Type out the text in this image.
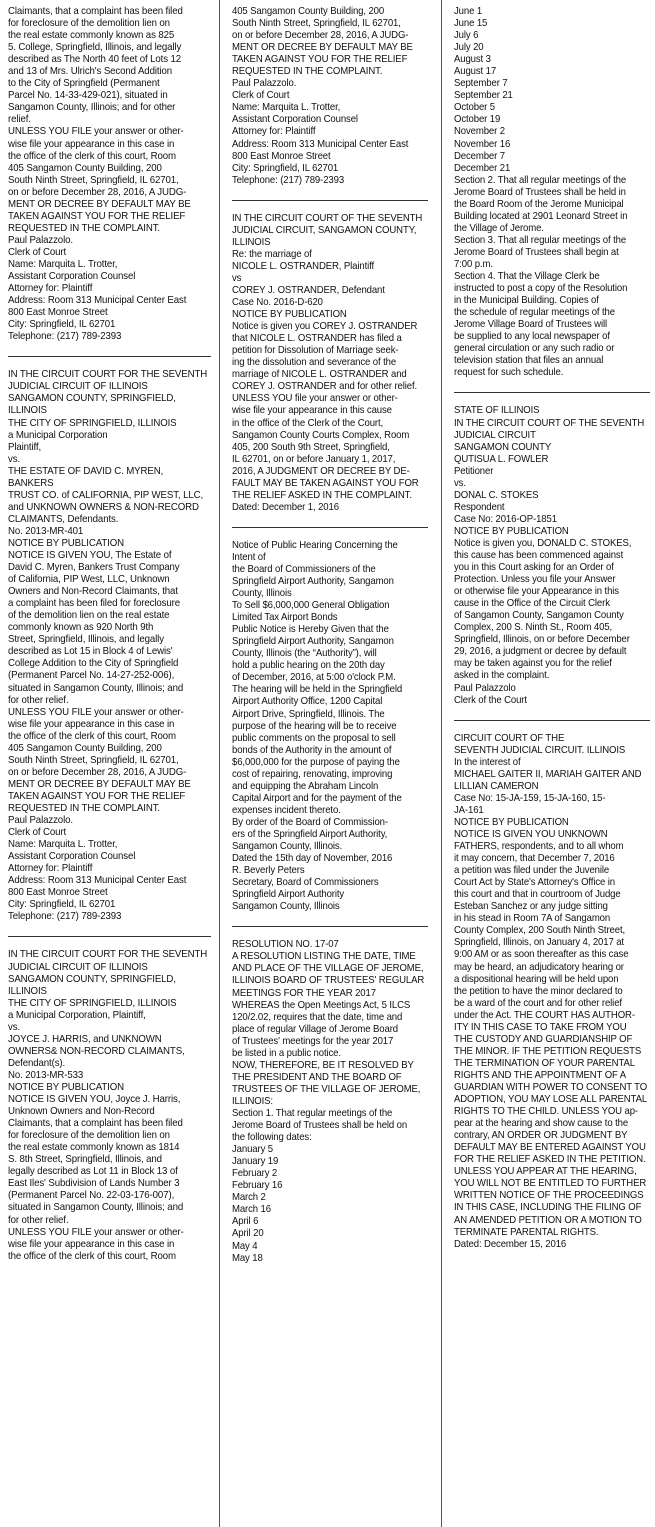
Claimants, that a complaint has been filed
for foreclosure of the demolition lien on
the real estate commonly known as 825
5. College, Springfield, Illinois, and legally
described as The North 40 feet of Lots 12
and 13 of Mrs. Ulrich's Second Addition
to the City of Springfield (Permanent
Parcel No. 14-33-429-021), situated in
Sangamon County, Illinois; and for other
relief.
UNLESS YOU FILE your answer or other-
wise file your appearance in this case in
the office of the clerk of this court, Room
405 Sangamon County Building, 200
South Ninth Street, Springfield, IL 62701,
on or before December 28, 2016, A JUDG-
MENT OR DECREE BY DEFAULT MAY BE
TAKEN AGAINST YOU FOR THE RELIEF
REQUESTED IN THE COMPLAINT.
Paul Palazzolo.
Clerk of Court
Name: Marquita L. Trotter,
Assistant Corporation Counsel
Attorney for: Plaintiff
Address: Room 313 Municipal Center East
800 East Monroe Street
City: Springfield, IL 62701
Telephone: (217) 789-2393
IN THE CIRCUIT COURT FOR THE SEVENTH
JUDICIAL CIRCUIT OF ILLINOIS
SANGAMON COUNTY, SPRINGFIELD,
ILLINOIS
THE CITY OF SPRINGFIELD, ILLINOIS
a Municipal Corporation
Plaintiff,
vs.
THE ESTATE OF DAVID C. MYREN,
BANKERS
TRUST CO. of CALIFORNIA, PIP WEST, LLC,
and UNKNOWN OWNERS & NON-RECORD
CLAIMANTS, Defendants.
No. 2013-MR-401
NOTICE BY PUBLICATION
NOTICE IS GIVEN YOU, The Estate of
David C. Myren, Bankers Trust Company
of California, PIP West, LLC, Unknown
Owners and Non-Record Claimants, that
a complaint has been filed for foreclosure
of the demolition lien on the real estate
commonly known as 920 North 9th
Street, Springfield, Illinois, and legally
described as Lot 15 in Block 4 of Lewis'
College Addition to the City of Springfield
(Permanent Parcel No. 14-27-252-006),
situated in Sangamon County, Illinois; and
for other relief.
UNLESS YOU FILE your answer or other-
wise file your appearance in this case in
the office of the clerk of this court, Room
405 Sangamon County Building, 200
South Ninth Street, Springfield, IL 62701,
on or before December 28, 2016, A JUDG-
MENT OR DECREE BY DEFAULT MAY BE
TAKEN AGAINST YOU FOR THE RELIEF
REQUESTED IN THE COMPLAINT.
Paul Palazzolo.
Clerk of Court
Name: Marquita L. Trotter,
Assistant Corporation Counsel
Attorney for: Plaintiff
Address: Room 313 Municipal Center East
800 East Monroe Street
City: Springfield, IL 62701
Telephone: (217) 789-2393
IN THE CIRCUIT COURT FOR THE SEVENTH
JUDICIAL CIRCUIT OF ILLINOIS
SANGAMON COUNTY, SPRINGFIELD,
ILLINOIS
THE CITY OF SPRINGFIELD, ILLINOIS
a Municipal Corporation, Plaintiff,
vs.
JOYCE J. HARRIS, and UNKNOWN
OWNERS& NON-RECORD CLAIMANTS,
Defendant(s).
No. 2013-MR-533
NOTICE BY PUBLICATION
NOTICE IS GIVEN YOU, Joyce J. Harris,
Unknown Owners and Non-Record
Claimants, that a complaint has been filed
for foreclosure of the demolition lien on
the real estate commonly known as 1814
S. 8th Street, Springfield, Illinois, and
legally described as Lot 11 in Block 13 of
East Iles' Subdivision of Lands Number 3
(Permanent Parcel No. 22-03-176-007),
situated in Sangamon County, Illinois; and
for other relief.
UNLESS YOU FILE your answer or other-
wise file your appearance in this case in
the office of the clerk of this court, Room
405 Sangamon County Building, 200
South Ninth Street, Springfield, IL 62701,
on or before December 28, 2016, A JUDG-
MENT OR DECREE BY DEFAULT MAY BE
TAKEN AGAINST YOU FOR THE RELIEF
REQUESTED IN THE COMPLAINT.
Paul Palazzolo.
Clerk of Court
Name: Marquita L. Trotter,
Assistant Corporation Counsel
Attorney for: Plaintiff
Address: Room 313 Municipal Center East
800 East Monroe Street
City: Springfield, IL 62701
Telephone: (217) 789-2393
IN THE CIRCUIT COURT OF THE SEVENTH
JUDICIAL CIRCUIT, SANGAMON COUNTY,
ILLINOIS
Re: the marriage of
NICOLE L. OSTRANDER, Plaintiff
vs
COREY J. OSTRANDER, Defendant
Case No. 2016-D-620
NOTICE BY PUBLICATION
Notice is given you COREY J. OSTRANDER
that NICOLE L. OSTRANDER has filed a
petition for Dissolution of Marriage seek-
ing the dissolution and severance of the
marriage of NICOLE L. OSTRANDER and
COREY J. OSTRANDER and for other relief.
UNLESS YOU file your answer or other-
wise file your appearance in this cause
in the office of the Clerk of the Court,
Sangamon County Courts Complex, Room
405, 200 South 9th Street, Springfield,
IL 62701, on or before January 1, 2017,
2016, A JUDGMENT OR DECREE BY DE-
FAULT MAY BE TAKEN AGAINST YOU FOR
THE RELIEF ASKED IN THE COMPLAINT.
Dated: December 1, 2016
Notice of Public Hearing Concerning the
Intent of
the Board of Commissioners of the
Springfield Airport Authority, Sangamon
County, Illinois
To Sell $6,000,000 General Obligation
Limited Tax Airport Bonds
Public Notice is Hereby Given that the
Springfield Airport Authority, Sangamon
County, Illinois (the “Authority”), will
hold a public hearing on the 20th day
of December, 2016, at 5:00 o'clock P.M.
The hearing will be held in the Springfield
Airport Authority Office, 1200 Capital
Airport Drive, Springfield, Illinois. The
purpose of the hearing will be to receive
public comments on the proposal to sell
bonds of the Authority in the amount of
$6,000,000 for the purpose of paying the
cost of repairing, renovating, improving
and equipping the Abraham Lincoln
Capital Airport and for the payment of the
expenses incident thereto.
By order of the Board of Commission-
ers of the Springfield Airport Authority,
Sangamon County, Illinois.
Dated the 15th day of November, 2016
R. Beverly Peters
Secretary, Board of Commissioners
Springfield Airport Authority
Sangamon County, Illinois
RESOLUTION NO. 17-07
A RESOLUTION LISTING THE DATE, TIME
AND PLACE OF THE VILLAGE OF JEROME,
ILLINOIS BOARD OF TRUSTEES' REGULAR
MEETINGS FOR THE YEAR 2017
WHEREAS the Open Meetings Act, 5 ILCS
120/2.02, requires that the date, time and
place of regular Village of Jerome Board
of Trustees' meetings for the year 2017
be listed in a public notice.
NOW, THEREFORE, BE IT RESOLVED BY
THE PRESIDENT AND THE BOARD OF
TRUSTEES OF THE VILLAGE OF JEROME,
ILLINOIS:
Section 1. That regular meetings of the
Jerome Board of Trustees shall be held on
the following dates:
January 5
January 19
February 2
February 16
March 2
March 16
April 6
April 20
May 4
May 18
June 1
June 15
July 6
July 20
August 3
August 17
September 7
September 21
October 5
October 19
November 2
November 16
December 7
December 21
Section 2. That all regular meetings of the
Jerome Board of Trustees shall be held in
the Board Room of the Jerome Municipal
Building located at 2901 Leonard Street in
the Village of Jerome.
Section 3. That all regular meetings of the
Jerome Board of Trustees shall begin at
7:00 p.m.
Section 4. That the Village Clerk be
instructed to post a copy of the Resolution
in the Municipal Building. Copies of
the schedule of regular meetings of the
Jerome Village Board of Trustees will
be supplied to any local newspaper of
general circulation or any such radio or
television station that files an annual
request for such schedule.
STATE OF ILLINOIS
IN THE CIRCUIT COURT OF THE SEVENTH
JUDICIAL CIRCUIT
SANGAMON COUNTY
QUTISUA L. FOWLER
Petitioner
vs.
DONAL C. STOKES
Respondent
Case No: 2016-OP-1851
NOTICE BY PUBLICATION
Notice is given you, DONALD C. STOKES,
this cause has been commenced against
you in this Court asking for an Order of
Protection. Unless you file your Answer
or otherwise file your Appearance in this
cause in the Office of the Circuit Clerk
of Sangamon County, Sangamon County
Complex, 200 S. Ninth St., Room 405,
Springfield, Illinois, on or before December
29, 2016, a judgment or decree by default
may be taken against you for the relief
asked in the complaint.
Paul Palazzolo
Clerk of the Court
CIRCUIT COURT OF THE
SEVENTH JUDICIAL CIRCUIT. ILLINOIS
In the interest of
MICHAEL GAITER II, MARIAH GAITER AND
LILLIAN CAMERON
Case No: 15-JA-159, 15-JA-160, 15-
JA-161
NOTICE BY PUBLICATION
NOTICE IS GIVEN YOU UNKNOWN
FATHERS, respondents, and to all whom
it may concern, that December 7, 2016
a petition was filed under the Juvenile
Court Act by State's Attorney's Office in
this court and that in courtroom of Judge
Esteban Sanchez or any judge sitting
in his stead in Room 7A of Sangamon
County Complex, 200 South Ninth Street,
Springfield, Illinois, on January 4, 2017 at
9:00 AM or as soon thereafter as this case
may be heard, an adjudicatory hearing or
a dispositional hearing will be held upon
the petition to have the minor declared to
be a ward of the court and for other relief
under the Act. THE COURT HAS AUTHOR-
ITY IN THIS CASE TO TAKE FROM YOU
THE CUSTODY AND GUARDIANSHIP OF
THE MINOR. IF THE PETITION REQUESTS
THE TERMINATION OF YOUR PARENTAL
RIGHTS AND THE APPOINTMENT OF A
GUARDIAN WITH POWER TO CONSENT TO
ADOPTION, YOU MAY LOSE ALL PARENTAL
RIGHTS TO THE CHILD. UNLESS YOU ap-
pear at the hearing and show cause to the
contrary, AN ORDER OR JUDGMENT BY
DEFAULT MAY BE ENTERED AGAINST YOU
FOR THE RELIEF ASKED IN THE PETITION.
UNLESS YOU APPEAR AT THE HEARING,
YOU WILL NOT BE ENTITLED TO FURTHER
WRITTEN NOTICE OF THE PROCEEDINGS
IN THIS CASE, INCLUDING THE FILING OF
AN AMENDED PETITION OR A MOTION TO
TERMINATE PARENTAL RIGHTS.
Dated: December 15, 2016
